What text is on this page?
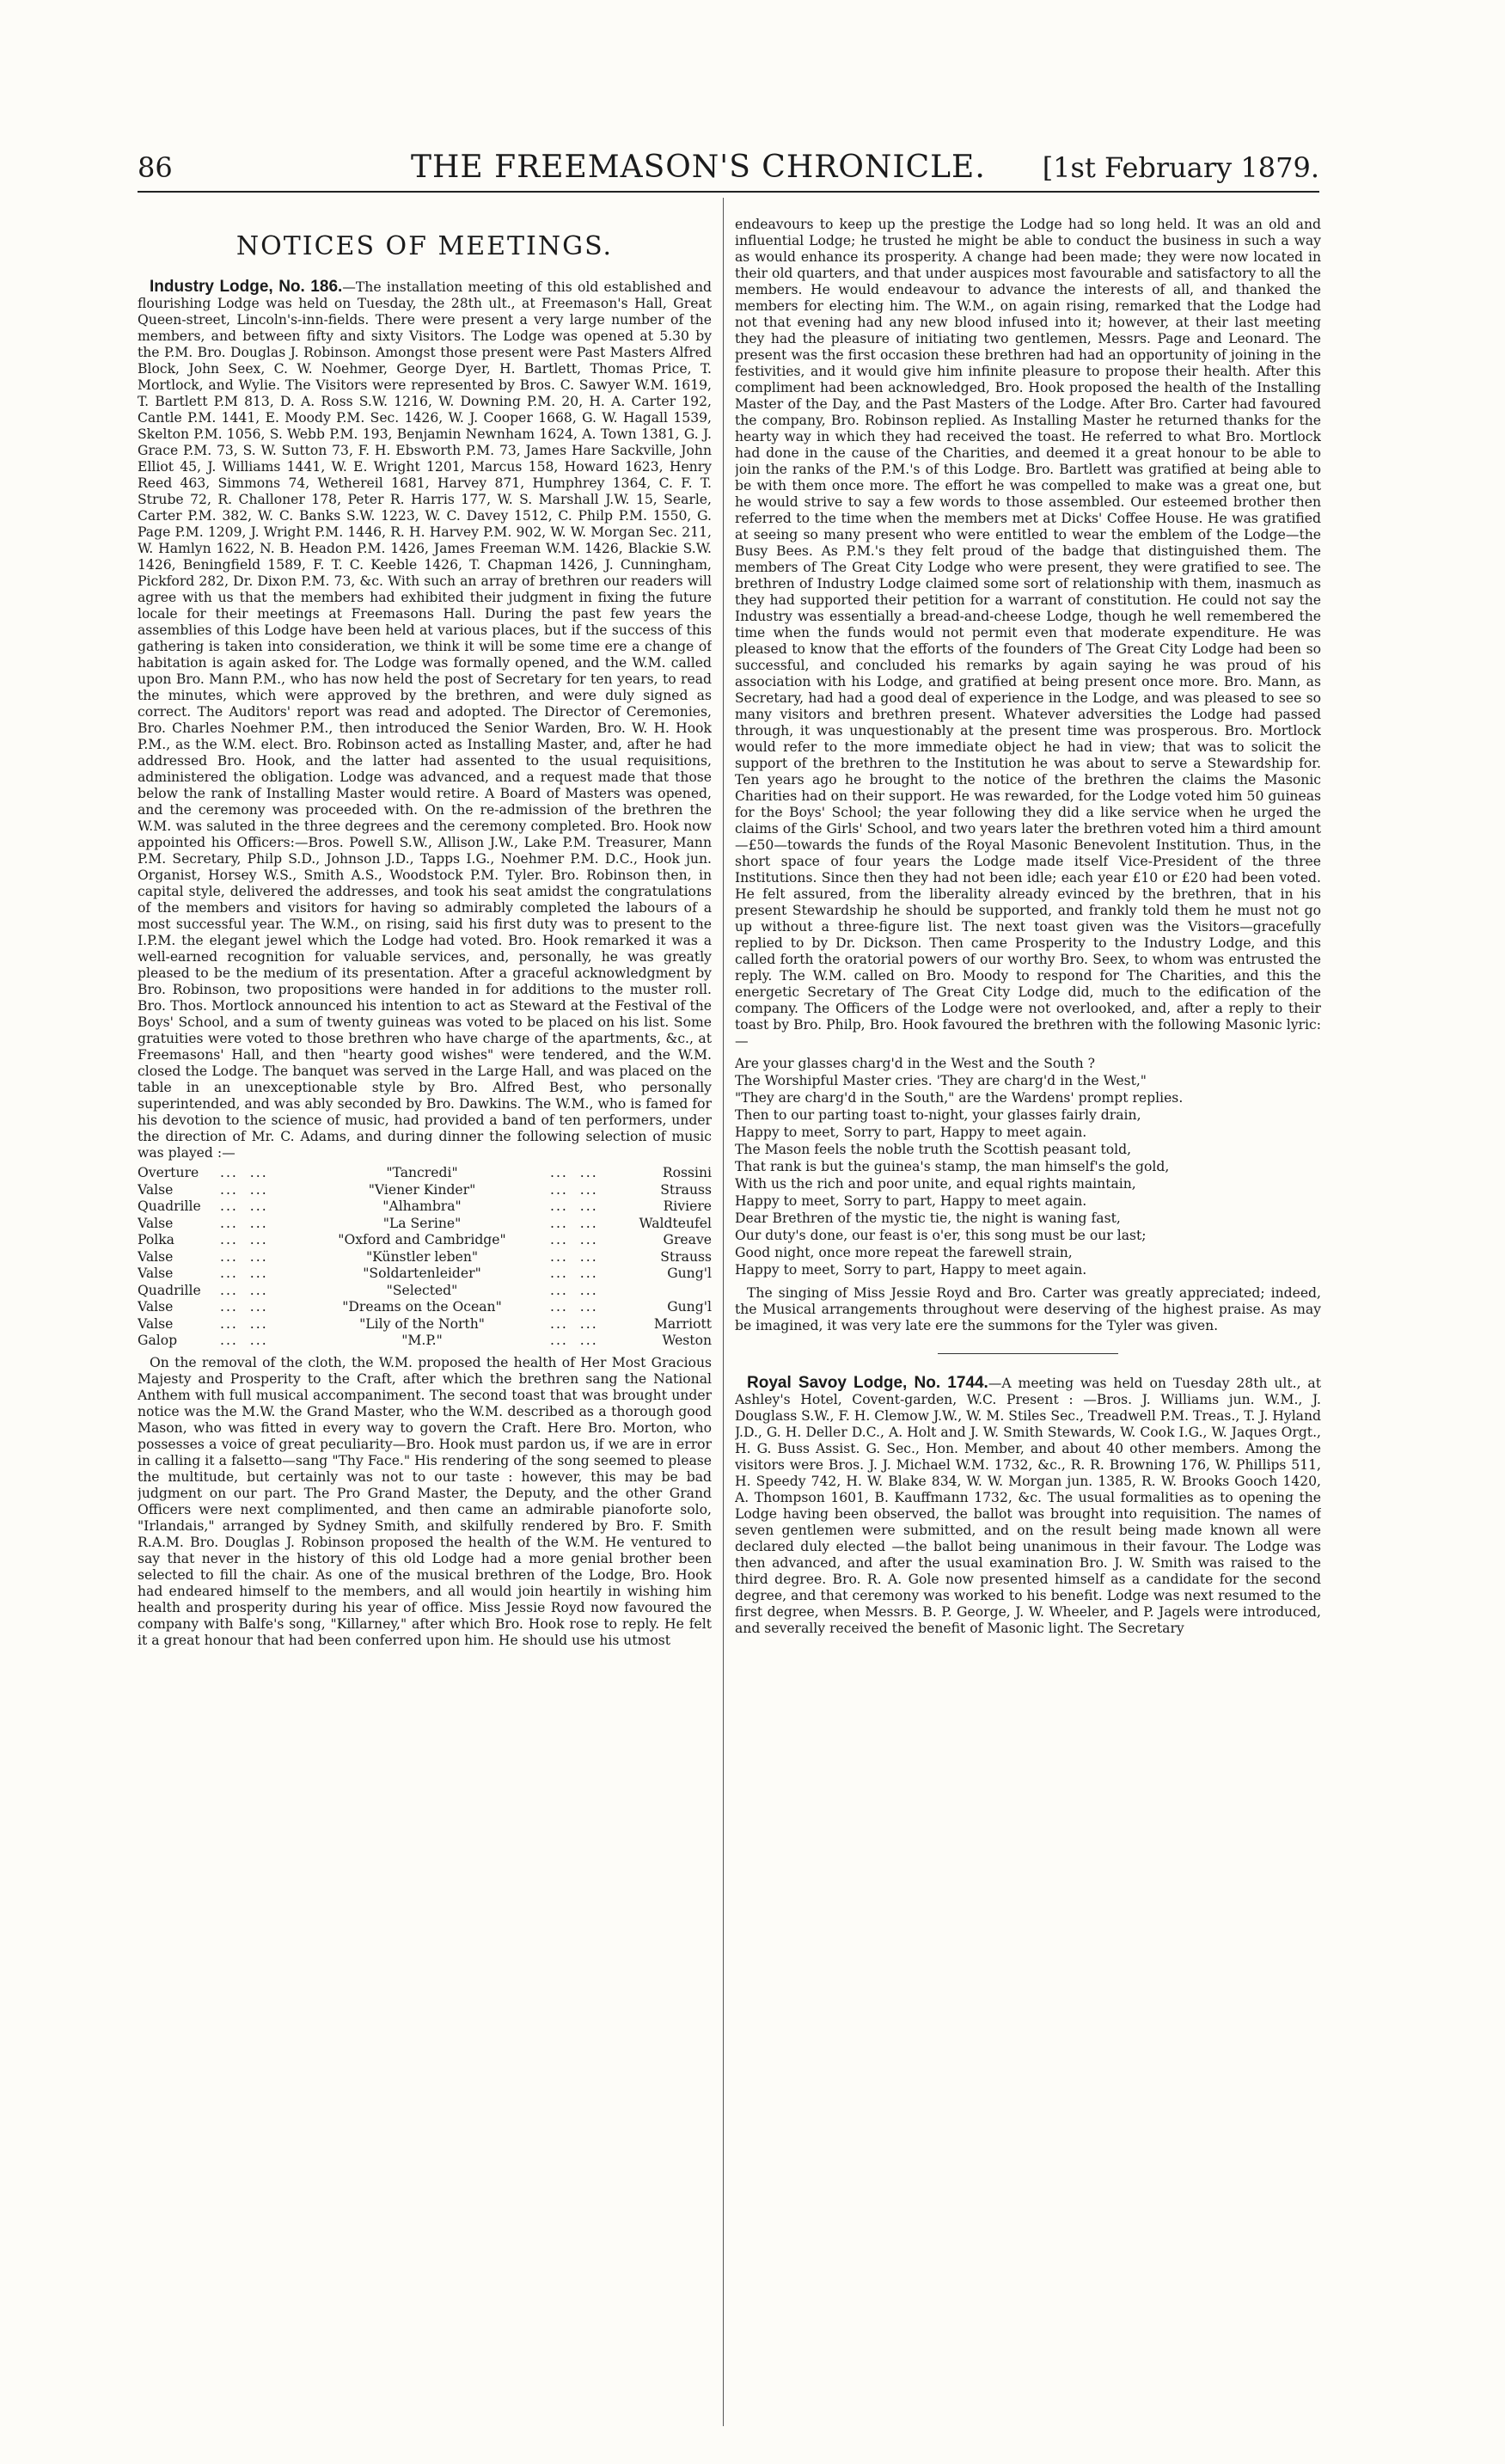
86	THE FREEMASON'S CHRONICLE. [1st February 1879.
NOTICES OF MEETINGS.

Industry Lodge, No. 186.—The installation meeting of this old established and flourishing Lodge was held on Tuesday, the 28th ult., at Freemason's Hall, Great Queen-street, Lincoln's-inn-fields. There were present a very large number of the members, and between fifty and sixty Visitors. The Lodge was opened at 5.30 by the P.M. Bro. Douglas J. Robinson. Amongst those present were Past Masters Alfred Block, John Seex, C. W. Noehmer, George Dyer, H. Bartlett, Thomas Price, T. Mortlock, and Wylie. The Visitors were represented by Bros. C. Sawyer W.M. 1619, T. Bartlett P.M 813, D. A. Ross S.W. 1216, W. Downing P.M. 20, H. A. Carter 192, Cantle P.M. 1441, E. Moody P.M. Sec. 1426, W. J. Cooper 1668, G. W. Hagall 1539, Skelton P.M. 1056, S. Webb P.M. 193, Benjamin Newnham 1624, A. Town 1381, G. J. Grace P.M. 73, S. W. Sutton 73, F. H. Ebsworth P.M. 73, James Hare Sackville, John Elliot 45, J. Williams 1441, W. E. Wright 1201, Marcus 158, Howard 1623, Henry Reed 463, Simmons 74, Wethereil 1681, Harvey 871, Humphrey 1364, C. F. T. Strube 72, R. Challoner 178, Peter R. Harris 177, W. S. Marshall J.W. 15, Searle, Carter P.M. 382, W. C. Banks S.W. 1223, W. C. Davey 1512, C. Philp P.M. 1550, G. Page P.M. 1209, J. Wright P.M. 1446, R. H. Harvey P.M. 902, W. W. Morgan Sec. 211, W. Hamlyn 1622, N. B. Headon P.M. 1426, James Freeman W.M. 1426, Blackie S.W. 1426, Beningfield 1589, F. T. C. Keeble 1426, T. Chapman 1426, J. Cunningham, Pickford 282, Dr. Dixon P.M. 73, &c. With such an array of brethren our readers will agree with us that the members had exhibited their judgment in fixing the future locale for their meetings at Freemasons Hall. During the past few years the assemblies of this Lodge have been held at various places, but if the success of this gathering is taken into consideration, we think it will be some time ere a change of habitation is again asked for. The Lodge was formally opened, and the W.M. called upon Bro. Mann P.M., who has now held the post of Secretary for ten years, to read the minutes, which were approved by the brethren, and were duly signed as correct. The Auditors' report was read and adopted. The Director of Ceremonies, Bro. Charles Noehmer P.M., then introduced the Senior Warden, Bro. W. H. Hook P.M., as the W.M. elect. Bro. Robinson acted as Installing Master, and, after he had addressed Bro. Hook, and the latter had assented to the usual requisitions, administered the obligation. Lodge was advanced, and a request made that those below the rank of Installing Master would retire. A Board of Masters was opened, and the ceremony was proceeded with. On the re-admission of the brethren the W.M. was saluted in the three degrees and the ceremony completed. Bro. Hook now appointed his Officers:—Bros. Powell S.W., Allison J.W., Lake P.M. Treasurer, Mann P.M. Secretary, Philp S.D., Johnson J.D., Tapps I.G., Noehmer P.M. D.C., Hook jun. Organist, Horsey W.S., Smith A.S., Woodstock P.M. Tyler. Bro. Robinson then, in capital style, delivered the addresses, and took his seat amidst the congratulations of the members and visitors for having so admirably completed the labours of a most successful year. The W.M., on rising, said his first duty was to present to the I.P.M. the elegant jewel which the Lodge had voted. Bro. Hook remarked it was a well-earned recognition for valuable services, and, personally, he was greatly pleased to be the medium of its presentation. After a graceful acknowledgment by Bro. Robinson, two propositions were handed in for additions to the muster roll. Bro. Thos. Mortlock announced his intention to act as Steward at the Festival of the Boys' School, and a sum of twenty guineas was voted to be placed on his list. Some gratuities were voted to those brethren who have charge of the apartments, &c., at Freemasons' Hall, and then "hearty good wishes" were tendered, and the W.M. closed the Lodge. The banquet was served in the Large Hall, and was placed on the table in an unexceptionable style by Bro. Alfred Best, who personally superintended, and was ably seconded by Bro. Dawkins. The W.M., who is famed for his devotion to the science of music, had provided a band of ten performers, under the direction of Mr. C. Adams, and during dinner the following selection of music was played :—

Overture	...  ...	"Tancredi"	...  ...	Rossini
Valse	...  ...	"Viener Kinder"	...  ...	Strauss
Quadrille	...  ...	"Alhambra"	...  ...	Riviere
Valse	...  ...	"La Serine"	...  ...	Waldteufel
Polka	...  ...	"Oxford and Cambridge"	...  ...	Greave
Valse	...  ...	"Künstler leben"	...  ...	Strauss
Valse	...  ...	"Soldartenleider"	...  ...	Gung'l
Quadrille	...  ...	"Selected"	...  ...
Valse	...  ...	"Dreams on the Ocean"	...  ...	Gung'l
Valse	...  ...	"Lily of the North"	...  ...	Marriott
Galop	...  ...	"M.P."	...  ...	Weston

On the removal of the cloth, the W.M. proposed the health of Her Most Gracious Majesty and Prosperity to the Craft, after which the brethren sang the National Anthem with full musical accompaniment. The second toast that was brought under notice was the M.W. the Grand Master, who the W.M. described as a thorough good Mason, who was fitted in every way to govern the Craft. Here Bro. Morton, who possesses a voice of great peculiarity—Bro. Hook must pardon us, if we are in error in calling it a falsetto—sang "Thy Face." His rendering of the song seemed to please the multitude, but certainly was not to our taste : however, this may be bad judgment on our part. The Pro Grand Master, the Deputy, and the other Grand Officers were next complimented, and then came an admirable pianoforte solo, "Irlandais," arranged by Sydney Smith, and skilfully rendered by Bro. F. Smith R.A.M. Bro. Douglas J. Robinson proposed the health of the W.M. He ventured to say that never in the history of this old Lodge had a more genial brother been selected to fill the chair. As one of the musical brethren of the Lodge, Bro. Hook had endeared himself to the members, and all would join heartily in wishing him health and prosperity during his year of office. Miss Jessie Royd now favoured the company with Balfe's song, "Killarney," after which Bro. Hook rose to reply. He felt it a great honour that had been conferred upon him. He should use his utmost

endeavours to keep up the prestige the Lodge had so long held. It was an old and influential Lodge; he trusted he might be able to conduct the business in such a way as would enhance its prosperity. A change had been made; they were now located in their old quarters, and that under auspices most favourable and satisfactory to all the members. He would endeavour to advance the interests of all, and thanked the members for electing him. The W.M., on again rising, remarked that the Lodge had not that evening had any new blood infused into it; however, at their last meeting they had the pleasure of initiating two gentlemen, Messrs. Page and Leonard. The present was the first occasion these brethren had had an opportunity of joining in the festivities, and it would give him infinite pleasure to propose their health. After this compliment had been acknowledged, Bro. Hook proposed the health of the Installing Master of the Day, and the Past Masters of the Lodge. After Bro. Carter had favoured the company, Bro. Robinson replied. As Installing Master he returned thanks for the hearty way in which they had received the toast. He referred to what Bro. Mortlock had done in the cause of the Charities, and deemed it a great honour to be able to join the ranks of the P.M.'s of this Lodge. Bro. Bartlett was gratified at being able to be with them once more. The effort he was compelled to make was a great one, but he would strive to say a few words to those assembled. Our esteemed brother then referred to the time when the members met at Dicks' Coffee House. He was gratified at seeing so many present who were entitled to wear the emblem of the Lodge—the Busy Bees. As P.M.'s they felt proud of the badge that distinguished them. The members of The Great City Lodge who were present, they were gratified to see. The brethren of Industry Lodge claimed some sort of relationship with them, inasmuch as they had supported their petition for a warrant of constitution. He could not say the Industry was essentially a bread-and-cheese Lodge, though he well remembered the time when the funds would not permit even that moderate expenditure. He was pleased to know that the efforts of the founders of The Great City Lodge had been so successful, and concluded his remarks by again saying he was proud of his association with his Lodge, and gratified at being present once more. Bro. Mann, as Secretary, had had a good deal of experience in the Lodge, and was pleased to see so many visitors and brethren present. Whatever adversities the Lodge had passed through, it was unquestionably at the present time was prosperous. Bro. Mortlock would refer to the more immediate object he had in view; that was to solicit the support of the brethren to the Institution he was about to serve a Stewardship for. Ten years ago he brought to the notice of the brethren the claims the Masonic Charities had on their support. He was rewarded, for the Lodge voted him 50 guineas for the Boys' School; the year following they did a like service when he urged the claims of the Girls' School, and two years later the brethren voted him a third amount—£50—towards the funds of the Royal Masonic Benevolent Institution. Thus, in the short space of four years the Lodge made itself Vice-President of the three Institutions. Since then they had not been idle; each year £10 or £20 had been voted. He felt assured, from the liberality already evinced by the brethren, that in his present Stewardship he should be supported, and frankly told them he must not go up without a three-figure list. The next toast given was the Visitors—gracefully replied to by Dr. Dickson. Then came Prosperity to the Industry Lodge, and this called forth the oratorial powers of our worthy Bro. Seex, to whom was entrusted the reply. The W.M. called on Bro. Moody to respond for The Charities, and this the energetic Secretary of The Great City Lodge did, much to the edification of the company. The Officers of the Lodge were not overlooked, and, after a reply to their toast by Bro. Philp, Bro. Hook favoured the brethren with the following Masonic lyric:—

Are your glasses charg'd in the West and the South ?
The Worshipful Master cries. 'They are charg'd in the West,"
"They are charg'd in the South," are the Wardens' prompt replies.
Then to our parting toast to-night, your glasses fairly drain,
Happy to meet, Sorry to part, Happy to meet again.
The Mason feels the noble truth the Scottish peasant told,
That rank is but the guinea's stamp, the man himself's the gold,
With us the rich and poor unite, and equal rights maintain,
Happy to meet, Sorry to part, Happy to meet again.
Dear Brethren of the mystic tie, the night is waning fast,
Our duty's done, our feast is o'er, this song must be our last;
Good night, once more repeat the farewell strain,
Happy to meet, Sorry to part, Happy to meet again.

The singing of Miss Jessie Royd and Bro. Carter was greatly appreciated; indeed, the Musical arrangements throughout were deserving of the highest praise. As may be imagined, it was very late ere the summons for the Tyler was given.

Royal Savoy Lodge, No. 1744.—A meeting was held on Tuesday 28th ult., at Ashley's Hotel, Covent-garden, W.C. Present : —Bros. J. Williams jun. W.M., J. Douglass S.W., F. H. Clemow J.W., W. M. Stiles Sec., Treadwell P.M. Treas., T. J. Hyland J.D., G. H. Deller D.C., A. Holt and J. W. Smith Stewards, W. Cook I.G., W. Jaques Orgt., H. G. Buss Assist. G. Sec., Hon. Member, and about 40 other members. Among the visitors were Bros. J. J. Michael W.M. 1732, &c., R. R. Browning 176, W. Phillips 511, H. Speedy 742, H. W. Blake 834, W. W. Morgan jun. 1385, R. W. Brooks Gooch 1420, A. Thompson 1601, B. Kauffmann 1732, &c. The usual formalities as to opening the Lodge having been observed, the ballot was brought into requisition. The names of seven gentlemen were submitted, and on the result being made known all were declared duly elected —the ballot being unanimous in their favour. The Lodge was then advanced, and after the usual examination Bro. J. W. Smith was raised to the third degree. Bro. R. A. Gole now presented himself as a candidate for the second degree, and that ceremony was worked to his benefit. Lodge was next resumed to the first degree, when Messrs. B. P. George, J. W. Wheeler, and P. Jagels were introduced, and severally received the benefit of Masonic light. The Secretary
